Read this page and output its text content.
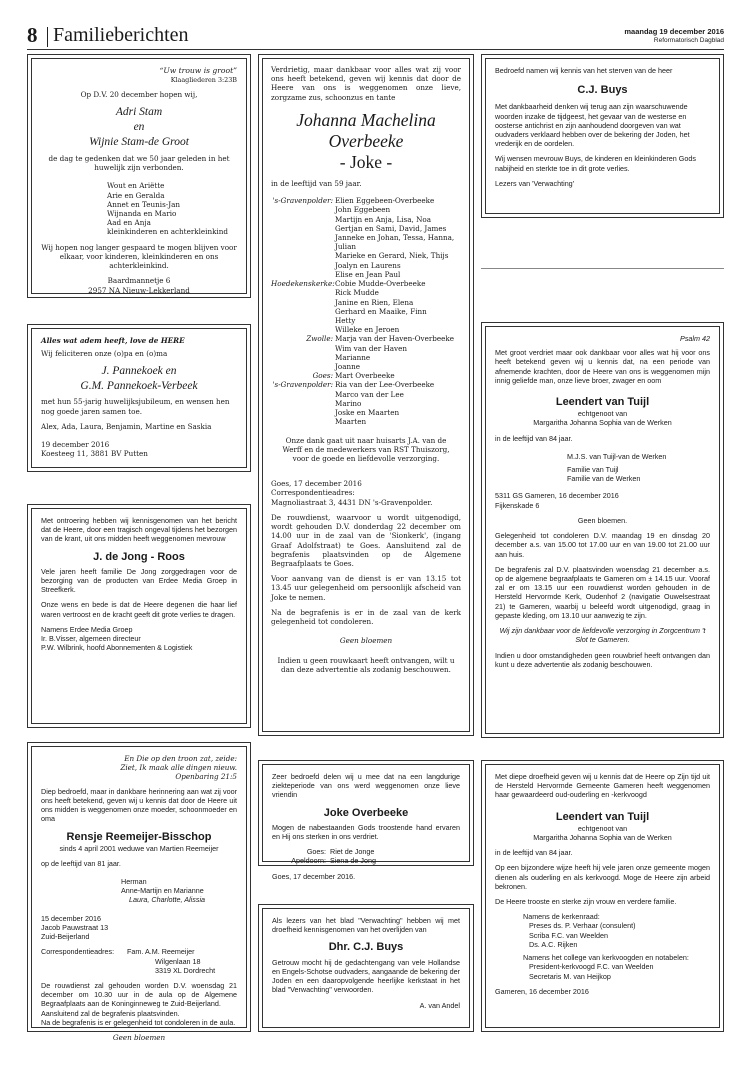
8 Familieberichten	maandag 19 december 2016
Reformatorisch Dagblad
“Uw trouw is groot”
Klaagliederen 3:23B
Op D.V. 20 december hopen wij,
Adri Stam
en
Wijnie Stam-de Groot
de dag te gedenken dat we 50 jaar geleden in het huwelijk zijn verbonden.
Wout en Ariëtte
Arie en Geralda
Annet en Teunis-Jan
Wijnanda en Mario
Aad en Anja
kleinkinderen en achterkleinkind
Wij hopen nog langer gespaard te mogen blijven voor elkaar, voor kinderen, kleinkinderen en ons achterkleinkind.
Baardmannetje 6
2957 NA Nieuw-Lekkerland
Alles wat adem heeft, love de HERE
Wij feliciteren onze (o)pa en (o)ma
J. Pannekoek en
G.M. Pannekoek-Verbeek
met hun 55-jarig huwelijksjubileum, en wensen hen nog goede jaren samen toe.
Alex, Ada, Laura, Benjamin, Martine en Saskia
19 december 2016
Koesteeg 11, 3881 BV Putten
Met ontroering hebben wij kennisgenomen van het bericht dat de Heere, door een tragisch ongeval tijdens het bezorgen van de krant, uit ons midden heeft weggenomen mevrouw
J. de Jong - Roos
Vele jaren heeft familie De Jong zorggedragen voor de bezorging van de producten van Erdee Media Groep in Streefkerk.
Onze wens en bede is dat de Heere degenen die haar lief waren vertroost en de kracht geeft dit grote verlies te dragen.
Namens Erdee Media Groep
Ir. B.Visser, algemeen directeur
P.W. Wilbrink, hoofd Abonnementen & Logistiek
En Die op den troon zat, zeide:
Ziet, Ik maak alle dingen nieuw.
Openbaring 21:5
Diep bedroefd, maar in dankbare herinnering aan wat zij voor ons heeft betekend, geven wij u kennis dat door de Heere uit ons midden is weggenomen onze moeder, schoonmoeder en oma
Rensje Reemeijer-Bisschop
sinds 4 april 2001 weduwe van Martien Reemeijer
op de leeftijd van 81 jaar.
Herman
Anne-Martijn en Marianne
Laura, Charlotte, Alissia
15 december 2016
Jacob Pauwstraat 13
Zuid-Beijerland
Correspondentieadres:	Fam. A.M. Reemeijer
Wilgenlaan 18
3319 XL Dordrecht
De rouwdienst zal gehouden worden D.V. woensdag 21 december om 10.30 uur in de aula op de Algemene Begraafplaats aan de Koninginneweg te Zuid-Beijerland.
Aansluitend zal de begrafenis plaatsvinden.
Na de begrafenis is er gelegenheid tot condoleren in de aula.
Geen bloemen
Verdrietig, maar dankbaar voor alles wat zij voor ons heeft betekend, geven wij kennis dat door de Heere van ons is weggenomen onze lieve, zorgzame zus, schoonzus en tante
Johanna Machelina
Overbeeke
- Joke -
in de leeftijd van 59 jaar.
's-Gravenpolder: Elien Eggebeen-Overbeeke
John Eggebeen
Martijn en Anja, Lisa, Noa
Gertjan en Sami, David, James
Janneke en Johan, Tessa, Hanna, Julian
Marieke en Gerard, Niek, Thijs
Joalyn en Laurens
Elise en Jean Paul
Hoedekenskerke: Cobie Mudde-Overbeeke
Rick Mudde
Janine en Rien, Elena
Gerhard en Maaike, Finn
Hetty
Willeke en Jeroen
Zwolle: Marja van der Haven-Overbeeke
Wim van der Haven
Marianne
Joanne
Goes: Mart Overbeeke
's-Gravenpolder: Ria van der Lee-Overbeeke
Marco van der Lee
Marino
Joske en Maarten
Maarten
Onze dank gaat uit naar huisarts J.A. van de Werff en de medewerkers van RST Thuiszorg, voor de goede en liefdevolle verzorging.
Goes, 17 december 2016
Correspondentieadres:
Magnoliastraat 3, 4431 DN 's-Gravenpolder.
De rouwdienst, waarvoor u wordt uitgenodigd, wordt gehouden D.V. donderdag 22 december om 14.00 uur in de zaal van de 'Sionkerk', (ingang Graaf Adolfstraat) te Goes. Aansluitend zal de begrafenis plaatsvinden op de Algemene Begraafplaats te Goes.
Voor aanvang van de dienst is er van 13.15 tot 13.45 uur gelegenheid om persoonlijk afscheid van Joke te nemen.
Na de begrafenis is er in de zaal van de kerk gelegenheid tot condoleren.
Geen bloemen
Indien u geen rouwkaart heeft ontvangen, wilt u dan deze advertentie als zodanig beschouwen.
Zeer bedroefd delen wij u mee dat na een langdurige ziekteperiode van ons werd weggenomen onze lieve vriendin
Joke Overbeeke
Mogen de nabestaanden Gods troostende hand ervaren en Hij ons sterken in ons verdriet.
Goes: Riet de Jonge
Apeldoorn: Siena de Jong
Goes, 17 december 2016.
Als lezers van het blad "Verwachting" hebben wij met droefheid kennisgenomen van het overlijden van
Dhr. C.J. Buys
Getrouw mocht hij de gedachtengang van vele Hollandse en Engels-Schotse oudvaders, aangaande de bekering der Joden en een daaropvolgende heerlijke kerkstaat in het blad "Verwachting" verwoorden.
A. van Andel
Bedroefd namen wij kennis van het sterven van de heer
C.J. Buys
Met dankbaarheid denken wij terug aan zijn waarschuwende woorden inzake de tijdgeest, het gevaar van de westerse en oosterse antichrist en zijn aanhoudend doorgeven van wat oudvaders verklaard hebben over de bekering der Joden, het vrederijk en de oordelen.
Wij wensen mevrouw Buys, de kinderen en kleinkinderen Gods nabijheid en sterkte toe in dit grote verlies.
Lezers van 'Verwachting'
Psalm 42
Met groot verdriet maar ook dankbaar voor alles wat hij voor ons heeft betekend geven wij u kennis dat, na een periode van afnemende krachten, door de Heere van ons is weggenomen mijn innig geliefde man, onze lieve broer, zwager en oom
Leendert van Tuijl
echtgenoot van
Margaritha Johanna Sophia van de Werken
in de leeftijd van 84 jaar.
M.J.S. van Tuijl-van de Werken
Familie van Tuijl
Familie van de Werken
5311 GS Gameren, 16 december 2016
Fijkenskade 6
Geen bloemen.
Gelegenheid tot condoleren D.V. maandag 19 en dinsdag 20 december a.s. van 15.00 tot 17.00 uur en van 19.00 tot 21.00 uur aan huis.
De begrafenis zal D.V. plaatsvinden woensdag 21 december a.s. op de algemene begraafplaats te Gameren om ± 14.15 uur. Vooraf zal er om 13.15 uur een rouwdienst worden gehouden in de Hersteld Hervormde Kerk, Oudenhof 2 (navigatie Ouwelsestraat 21) te Gameren, waarbij u beleefd wordt uitgenodigd, graag in gepaste kleding, om 13.10 uur aanwezig te zijn.
Wij zijn dankbaar voor de liefdevolle verzorging in Zorgcentrum 't Slot te Gameren.
Indien u door omstandigheden geen rouwbrief heeft ontvangen dan kunt u deze advertentie als zodanig beschouwen.
Met diepe droefheid geven wij u kennis dat de Heere op Zijn tijd uit de Hersteld Hervormde Gemeente Gameren heeft weggenomen haar gewaardeerd oud-ouderling en -kerkvoogd
Leendert van Tuijl
echtgenoot van
Margaritha Johanna Sophia van de Werken
in de leeftijd van 84 jaar.
Op een bijzondere wijze heeft hij vele jaren onze gemeente mogen dienen als ouderling en als kerkvoogd. Moge de Heere zijn arbeid bekronen.
De Heere trooste en sterke zijn vrouw en verdere familie.
Namens de kerkenraad:
Preses ds. P. Verhaar (consulent)
Scriba F.C. van Weelden
Ds. A.C. Rijken
Namens het college van kerkvoogden en notabelen:
President-kerkvoogd F.C. van Weelden
Secretaris M. van Heijkop
Gameren, 16 december 2016
